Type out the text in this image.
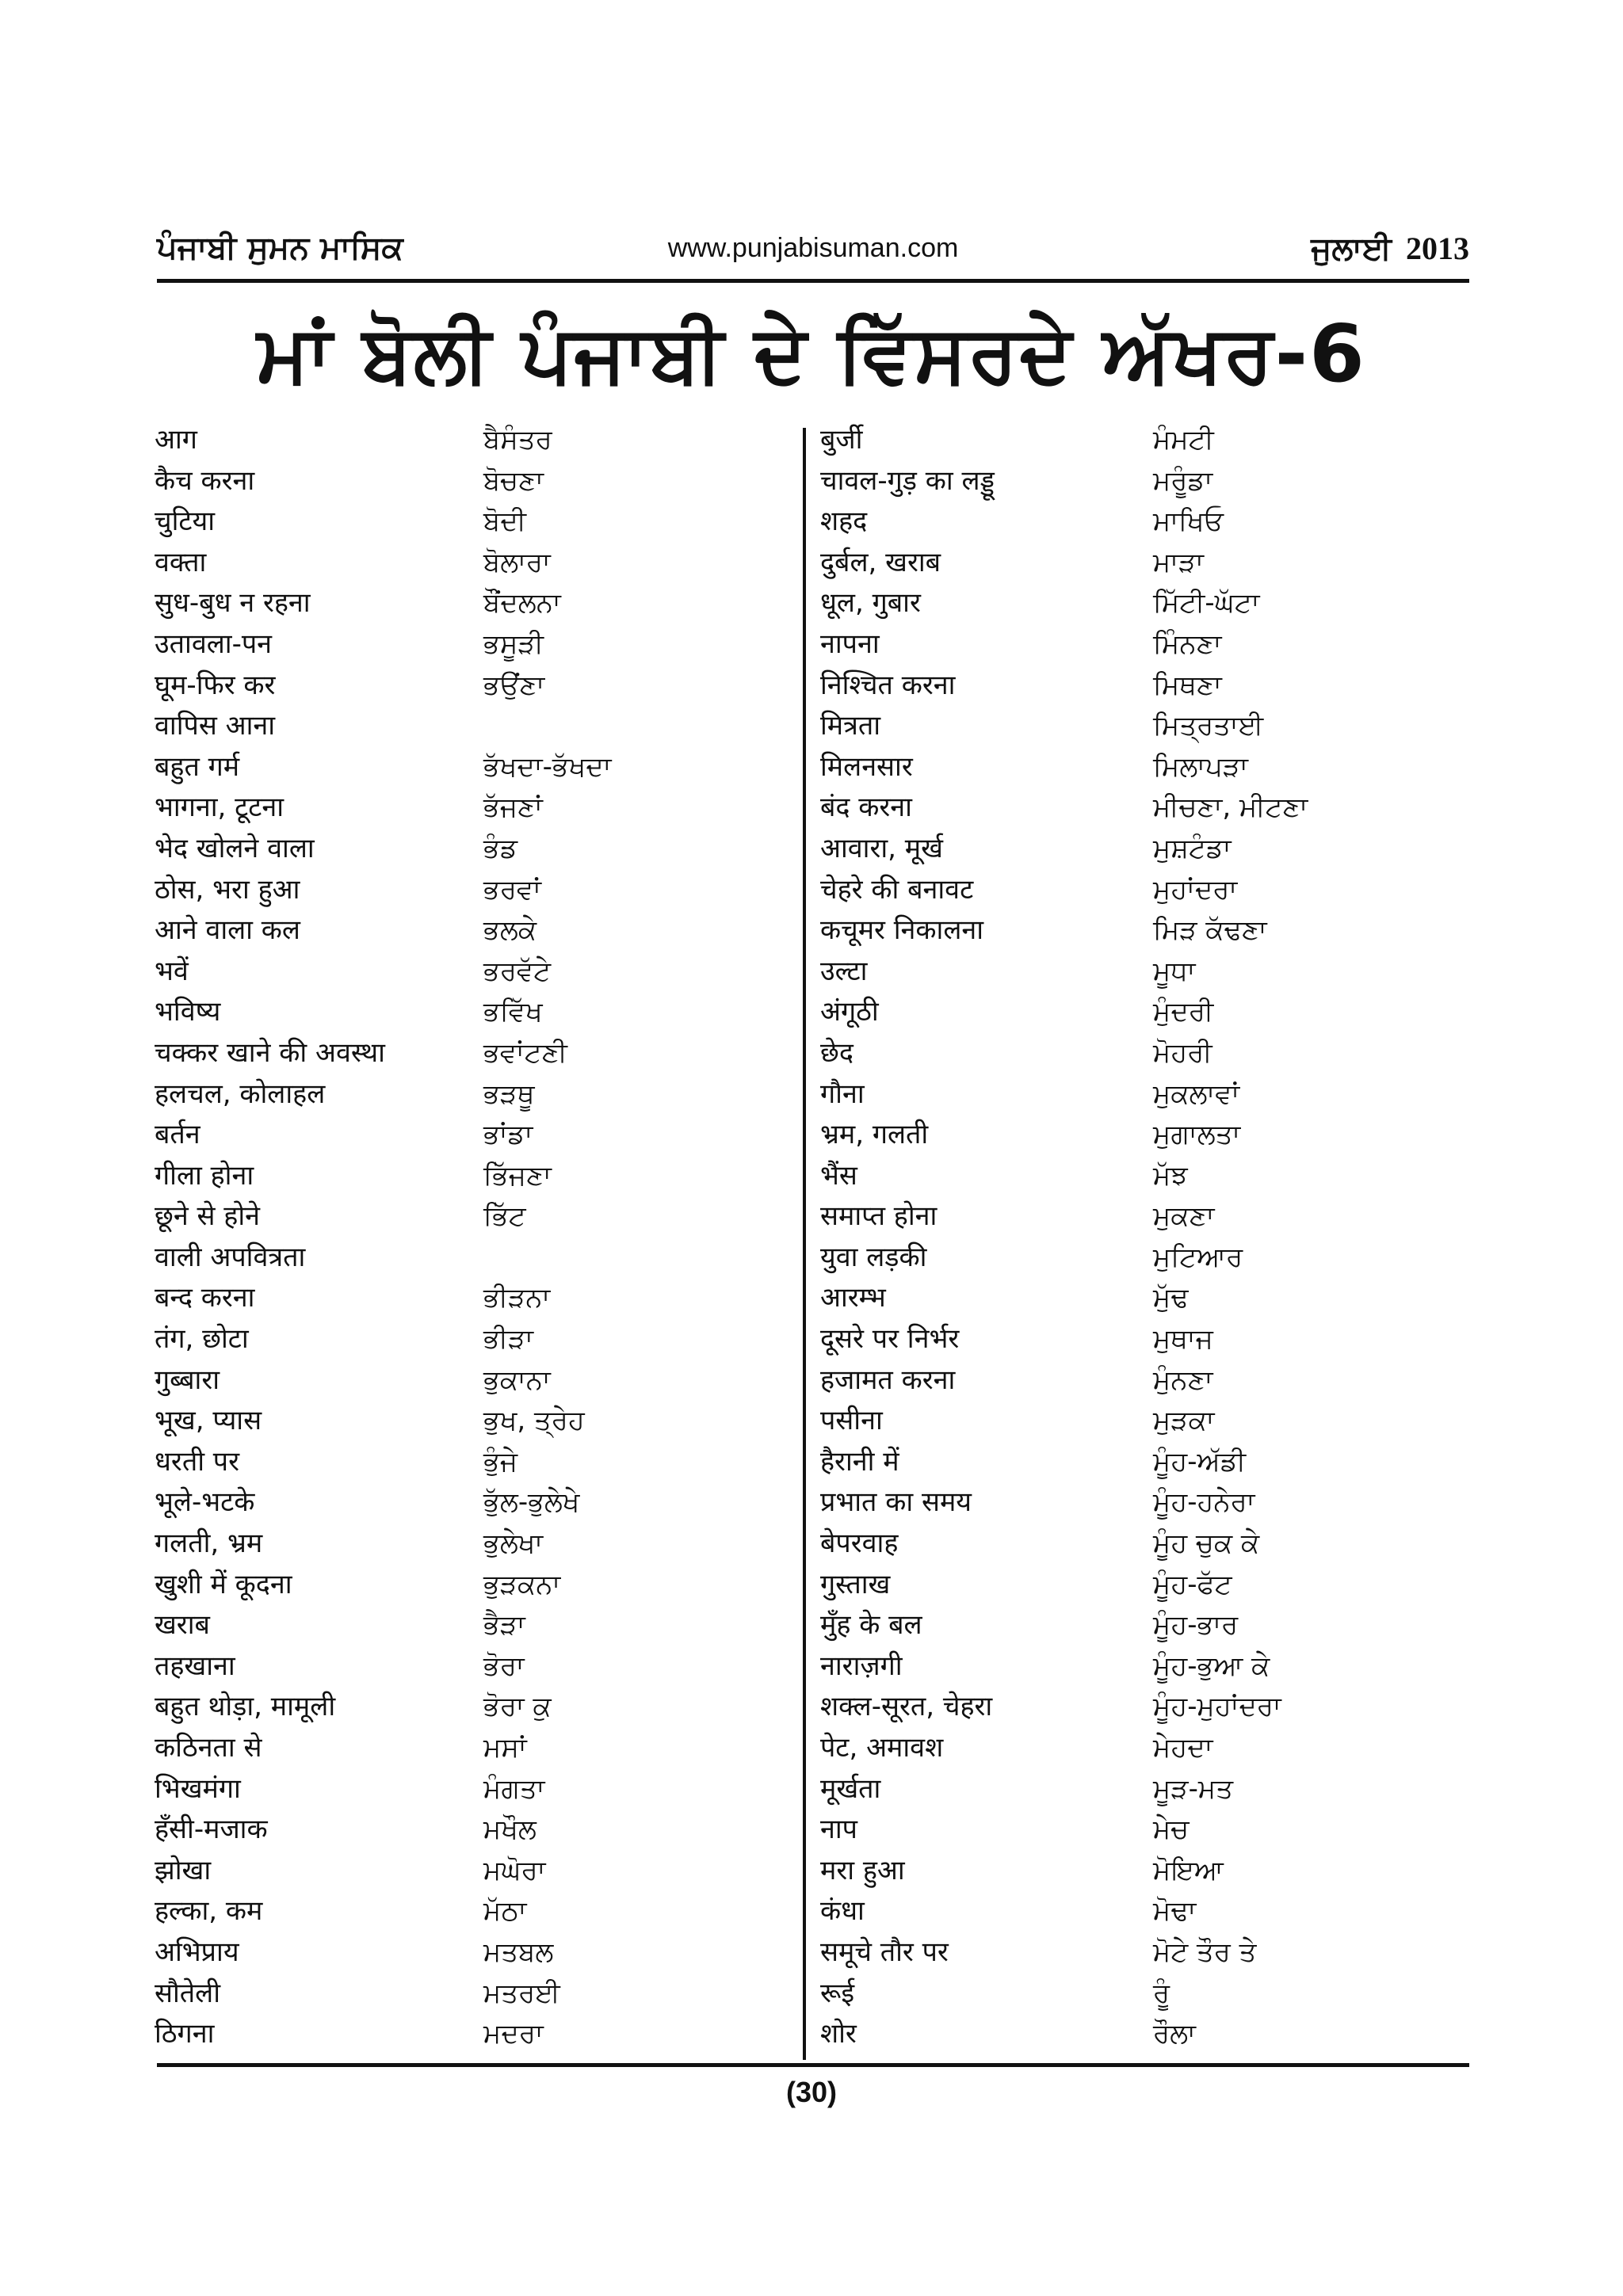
ਪੰਜਾਬੀ ਸੁਮਨ ਮਾਸਿਕ	www.punjabisuman.com	ਜੁਲਾਈ 2013
ਮਾਂ ਬੋਲੀ ਪੰਜਾਬੀ ਦੇ ਵਿੱਸਰਦੇ ਅੱਖਰ-6
आग	ਬੈਸੰਤਰ
कैच करना	ਬੋਚਣਾ
चुटिया	ਬੋਦੀ
वक्ता	ਬੋਲਾਰਾ
सुध-बुध न रहना	ਬੌਂਦਲਨਾ
उतावला-पन	ਭਸੂੜੀ
घूम-फिर कर	ਭਉਂਣਾ
वापिस आना
बहुत गर्म	ਭੱਖਦਾ-ਭੱਖਦਾ
भागना, टूटना	ਭੱਜਣਾਂ
भेद खोलने वाला	ਭੰਡ
ठोस, भरा हुआ	ਭਰਵਾਂ
आने वाला कल	ਭਲਕੇ
भवें	ਭਰਵੱਟੇ
भविष्य	ਭਵਿੱਖ
चक्कर खाने की अवस्था	ਭਵਾਂਟਣੀ
हलचल, कोलाहल	ਭੜਥੂ
बर्तन	ਭਾਂਡਾ
गीला होना	ਭਿੱਜਣਾ
छूने से होने	ਭਿੱਟ
वाली अपवित्रता
बन्द करना	ਭੀੜਨਾ
तंग, छोटा	ਭੀੜਾ
गुब्बारा	ਭੁਕਾਨਾ
भूख, प्यास	ਭੁਖ, ਤ੍ਰੇਹ
धरती पर	ਭੁੰਜੇ
भूले-भटके	ਭੁੱਲ-ਭੁਲੇਖੇ
गलती, भ्रम	ਭੁਲੇਖਾ
खुशी में कूदना	ਭੁੜਕਨਾ
खराब	ਭੈੜਾ
तहखाना	ਭੋਰਾ
बहुत थोड़ा, मामूली	ਭੋਰਾ ਕੁ
कठिनता से	ਮਸਾਂ
भिखमंगा	ਮੰਗਤਾ
हँसी-मजाक	ਮਖੌਲ
झोखा	ਮਘੋਰਾ
हल्का, कम	ਮੱਠਾ
अभिप्राय	ਮਤਬਲ
सौतेली	ਮਤਰਈ
ठिगना	ਮਦਰਾ
बुर्जी	ਮੰਮਟੀ
चावल-गुड़ का लड्डू	ਮਰੂੰਡਾ
शहद	ਮਾਖਿਓ
दुर्बल, खराब	ਮਾੜਾ
धूल, गुबार	ਮਿੱਟੀ-ਘੱਟਾ
नापना	ਮਿੰਨਣਾ
निश्चित करना	ਮਿਥਣਾ
मित्रता	ਮਿਤ੍ਰਤਾਈ
मिलनसार	ਮਿਲਾਪੜਾ
बंद करना	ਮੀਚਣਾ, ਮੀਟਣਾ
आवारा, मूर्ख	ਮੁਸ਼ਟੰਡਾ
चेहरे की बनावट	ਮੁਹਾਂਦਰਾ
कचूमर निकालना	ਮਿੜ ਕੱਢਣਾ
उल्टा	ਮੂਧਾ
अंगूठी	ਮੁੰਦਰੀ
छेद	ਮੋਹਰੀ
गौना	ਮੁਕਲਾਵਾਂ
भ्रम, गलती	ਮੁਗਾਲਤਾ
भैंस	ਮੱਝ
समाप्त होना	ਮੁਕਣਾ
युवा लड़की	ਮੁਟਿਆਰ
आरम्भ	ਮੁੱਢ
दूसरे पर निर्भर	ਮੁਥਾਜ
हजामत करना	ਮੁੰਨਣਾ
पसीना	ਮੁੜਕਾ
हैरानी में	ਮੂੰਹ-ਅੱਡੀ
प्रभात का समय	ਮੂੰਹ-ਹਨੇਰਾ
बेपरवाह	ਮੂੰਹ ਚੁਕ ਕੇ
गुस्ताख	ਮੂੰਹ-ਫੱਟ
मुँह के बल	ਮੂੰਹ-ਭਾਰ
नाराज़गी	ਮੂੰਹ-ਭੁਆ ਕੇ
शक्ल-सूरत, चेहरा	ਮੂੰਹ-ਮੁਹਾਂਦਰਾ
पेट, अमावश	ਮੇਹਦਾ
मूर्खता	ਮੂੜ-ਮਤ
नाप	ਮੇਚ
मरा हुआ	ਮੋਇਆ
कंधा	ਮੋਢਾ
समूचे तौर पर	ਮੋਟੇ ਤੌਰ ਤੇ
रूई	ਰੂੰ
शोर	ਰੌਲਾ
(30)
